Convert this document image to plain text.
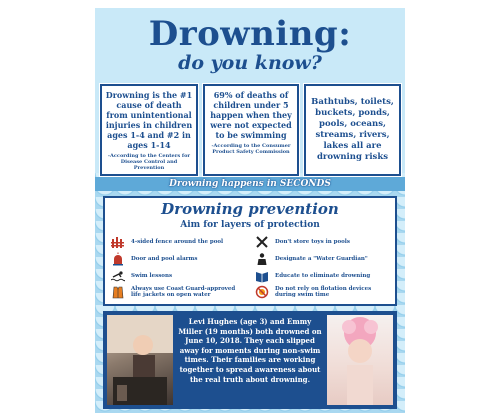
Drowning:
do you know?
Drowning is the #1 cause of death from unintentional injuries in children ages 1-4 and #2 in ages 1-14
-According to the Centers for Disease Control and Prevention
69% of deaths of children under 5 happen when they were not expected to be swimming
-According to the Consumer Product Safety Commission
Bathtubs, toilets, buckets, ponds, pools, oceans, streams, rivers, lakes all are drowning risks
Drowning happens in SECONDS
Drowning prevention
Aim for layers of protection
4-sided fence around the pool
Door and pool alarms
Swim lessons
Always use Coast Guard-approved life jackets on open water
Don't store toys in pools
Designate a "Water Guardian"
Educate to eliminate drowning
Do not rely on flotation devices during swim time
Levi Hughes (age 3) and Emmy Miller (19 months) both drowned on June 10, 2018. They each slipped away for moments during non-swim times. Their families are working together to spread awareness about the real truth about drowning.
